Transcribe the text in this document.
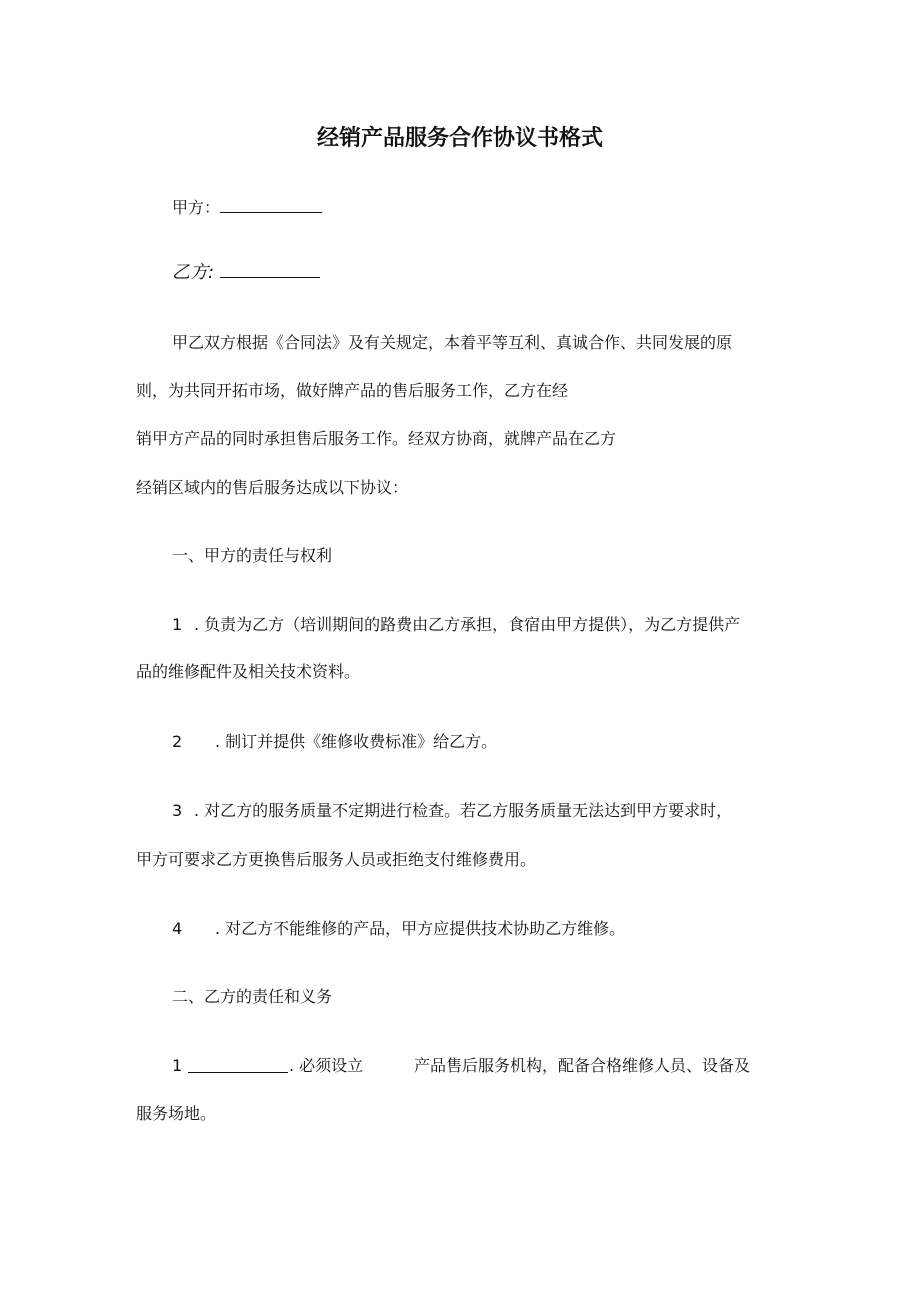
经销产品服务合作协议书格式
甲方：
乙方:
甲乙双方根据《合同法》及有关规定，本着平等互利、真诚合作、共同发展的原
则，为共同开拓市场，做好牌产品的售后服务工作，乙方在经
销甲方产品的同时承担售后服务工作。经双方协商，就牌产品在乙方
经销区域内的售后服务达成以下协议：
一、甲方的责任与权利
1 . 负责为乙方（培训期间的路费由乙方承担，食宿由甲方提供），为乙方提供产
品的维修配件及相关技术资料。
2 . 制订并提供《维修收费标准》给乙方。
3 . 对乙方的服务质量不定期进行检查。若乙方服务质量无法达到甲方要求时，
甲方可要求乙方更换售后服务人员或拒绝支付维修费用。
4 . 对乙方不能维修的产品，甲方应提供技术协助乙方维修。
二、乙方的责任和义务
1	. 必须设立	产品售后服务机构，配备合格维修人员、设备及
服务场地。
